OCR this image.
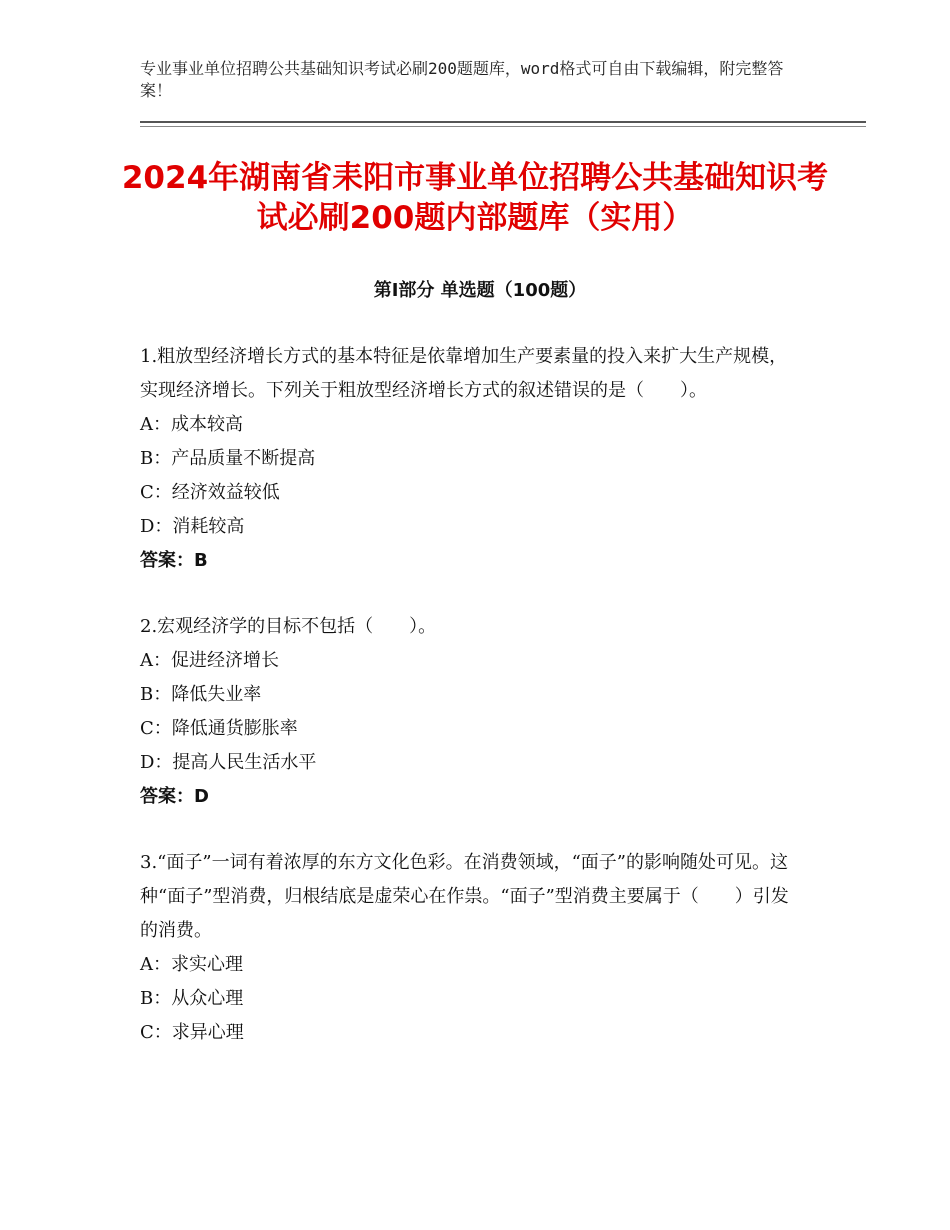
专业事业单位招聘公共基础知识考试必刷200题题库，word格式可自由下载编辑，附完整答案！
2024年湖南省耒阳市事业单位招聘公共基础知识考试必刷200题内部题库（实用）
第Ⅰ部分 单选题（100题）
1.粗放型经济增长方式的基本特征是依靠增加生产要素量的投入来扩大生产规模，实现经济增长。下列关于粗放型经济增长方式的叙述错误的是（　　）。
A：成本较高
B：产品质量不断提高
C：经济效益较低
D：消耗较高
答案：B
2.宏观经济学的目标不包括（　　）。
A：促进经济增长
B：降低失业率
C：降低通货膨胀率
D：提高人民生活水平
答案：D
3.“面子”一词有着浓厚的东方文化色彩。在消费领域，“面子”的影响随处可见。这种“面子”型消费，归根结底是虚荣心在作祟。“面子”型消费主要属于（　　）引发的消费。
A：求实心理
B：从众心理
C：求异心理
